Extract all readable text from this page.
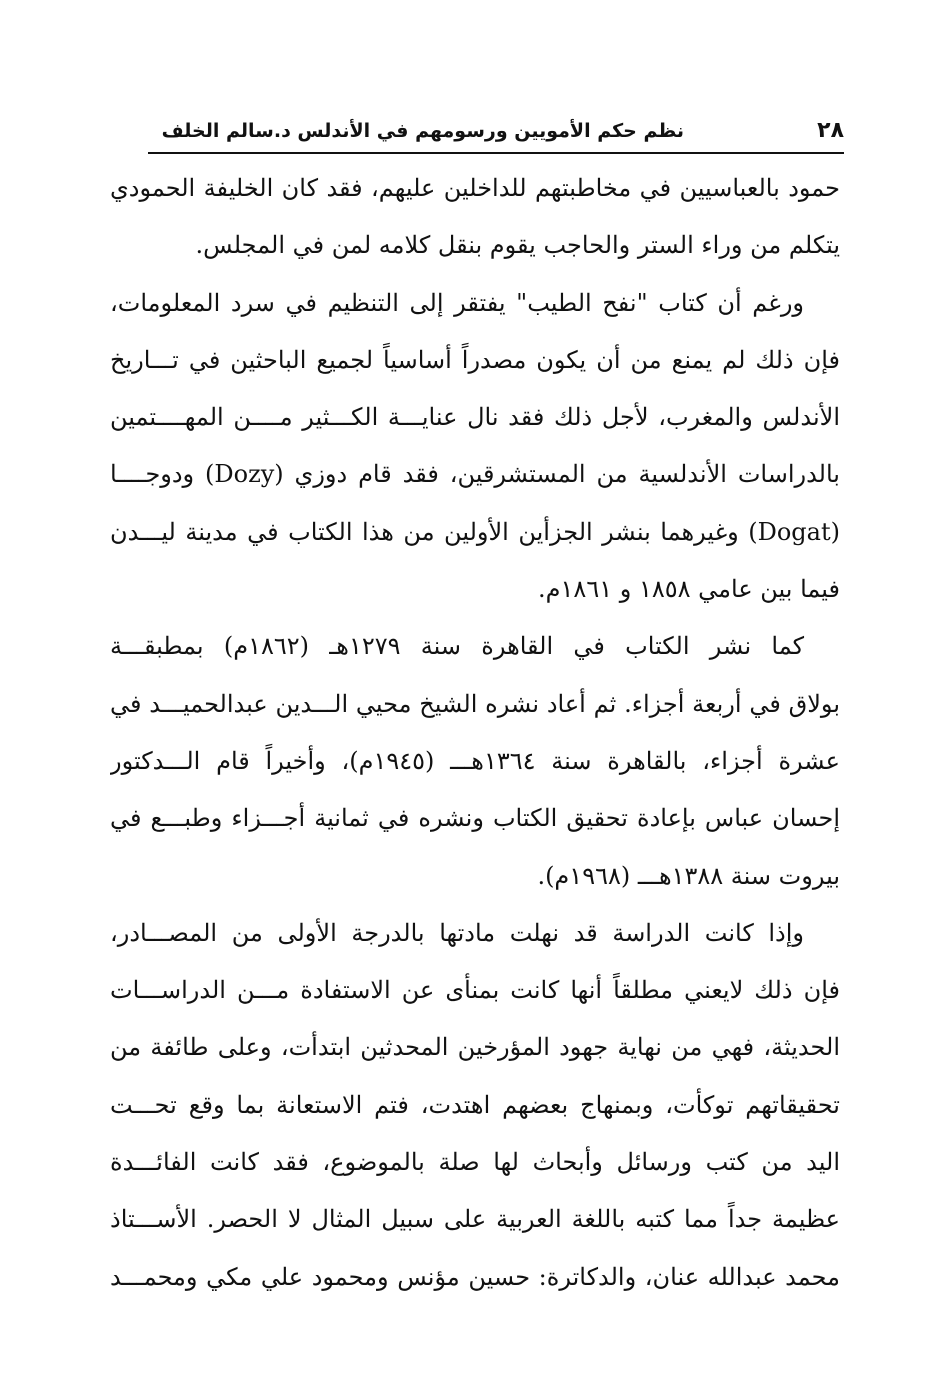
٢٨
نظم حكم الأمويين ورسومهم في الأندلس د.سالم الخلف
حمود بالعباسيين في مخاطبتهم للداخلين عليهم، فقد كان الخليفة الحمودي
يتكلم من وراء الستر والحاجب يقوم بنقل كلامه لمن في المجلس.
ورغم أن كتاب "نفح الطيب" يفتقر إلى التنظيم في سرد المعلومات،
فإن ذلك لم يمنع من أن يكون مصدراً أساسياً لجميع الباحثين في تـــاريخ
الأندلس والمغرب، لأجل ذلك فقد نال عنايـــة الكـــثير مــــن المهــــتمين
بالدراسات الأندلسية من المستشرقين، فقد قام دوزي (Dozy) ودوجــــا
(Dogat) وغيرهما بنشر الجزأين الأولين من هذا الكتاب في مدينة ليـــدن
فيما بين عامي ١٨٥٨ و ١٨٦١م.
كما نشر الكتاب في القاهرة سنة ١٢٧٩هـ (١٨٦٢م) بمطبقـــة
بولاق في أربعة أجزاء. ثم أعاد نشره الشيخ محيي الـــدين عبدالحميـــد في
عشرة أجزاء، بالقاهرة سنة ١٣٦٤هـــ (١٩٤٥م)، وأخيراً قام الـــدكتور
إحسان عباس بإعادة تحقيق الكتاب ونشره في ثمانية أجـــزاء وطبـــع في
بيروت سنة ١٣٨٨هـــ (١٩٦٨م).
وإذا كانت الدراسة قد نهلت مادتها بالدرجة الأولى من المصـــادر،
فإن ذلك لايعني مطلقاً أنها كانت بمنأى عن الاستفادة مـــن الدراســـات
الحديثة، فهي من نهاية جهود المؤرخين المحدثين ابتدأت، وعلى طائفة من
تحقيقاتهم توكأت، وبمنهاج بعضهم اهتدت، فتم الاستعانة بما وقع تحـــت
اليد من كتب ورسائل وأبحاث لها صلة بالموضوع، فقد كانت الفائـــدة
عظيمة جداً مما كتبه باللغة العربية على سبيل المثال لا الحصر. الأســـتاذ
محمد عبدالله عنان، والدكاترة: حسين مؤنس ومحمود علي مكي ومحمـــد
